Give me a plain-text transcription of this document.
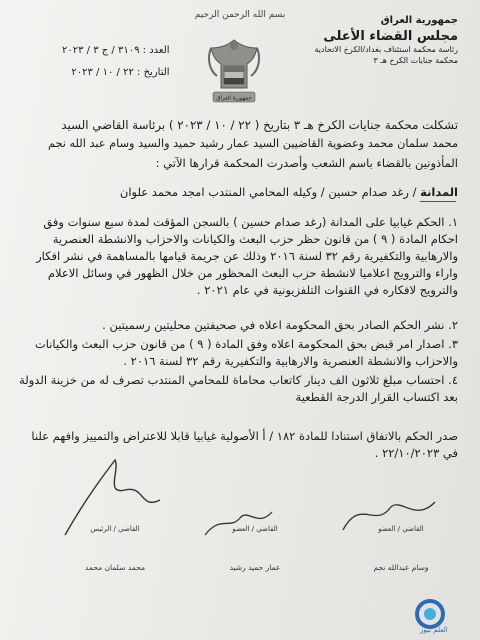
بسم الله الرحمن الرحيم	جمهورية العراق
مجلس القضاء الأعلى
رئاسة محكمة استئناف بغداد/الكرخ الاتحادية
محكمة جنايات الكرخ هـ ٣
جمهورية العراق
العدد : ٣١٠٩ / ج ٣ / ٢٠٢٣
التاريخ : ٢٢ / ١٠ / ٢٠٢٣
تشكلت محكمة جنايات الكرخ هـ ٣ بتاريخ ( ٢٢ / ١٠ / ٢٠٢٣ ) برئاسة القاضي السيد
محمد سلمان محمد وعضوية القاضيين السيد عمار رشيد حميد والسيد وسام عبد الله نجم
المأذونين بالقضاء باسم الشعب وأصدرت المحكمة قرارها الآتي :
المدانة / رغد صدام حسين / وكيله المحامي المنتدب امجد محمد علوان
١. الحكم غيابيا على المدانة (رغد صدام حسين ) بالسجن المؤقت لمدة سبع سنوات وفق احكام المادة ( ٩ ) من قانون حظر حزب البعث والكيانات والاحزاب والانشطة العنصرية والارهابية والتكفيرية رقم ٣٢ لسنة ٢٠١٦ وذلك عن جريمة قيامها بالمساهمة في نشر افكار واراء والترويج اعلاميا لانشطة حزب البعث المحظور من خلال الظهور في وسائل الاعلام والترويج لافكاره في القنوات التلفزيونية في عام ٢٠٢١ .
٢. نشر الحكم الصادر بحق المحكومة اعلاه في صحيفتين محليتين رسميتين .
٣. اصدار امر قبض بحق المحكومة اعلاه وفق المادة ( ٩ ) من قانون حزب البعث والكيانات والاحزاب والانشطة العنصرية والارهابية والتكفيرية رقم ٣٢ لسنة ٢٠١٦ .
٤. احتساب مبلغ ثلاثون الف دينار كاتعاب محاماة للمحامي المنتدب تصرف له من خزينة الدولة بعد اكتساب القرار الدرجة القطعية
صدر الحكم بالاتفاق استنادا للمادة ١٨٢ / أ الأصولية غيابيا قابلا للاعتراض والتمييز وافهم علنا في ٢٢/١٠/٢٠٢٣ .
القاضي / العضو
وسام عبدالله نجم
القاضي / العضو
عمار حميد رشيد
القاضي / الرئيس
محمد سلمان محمد
العلم نيوز
